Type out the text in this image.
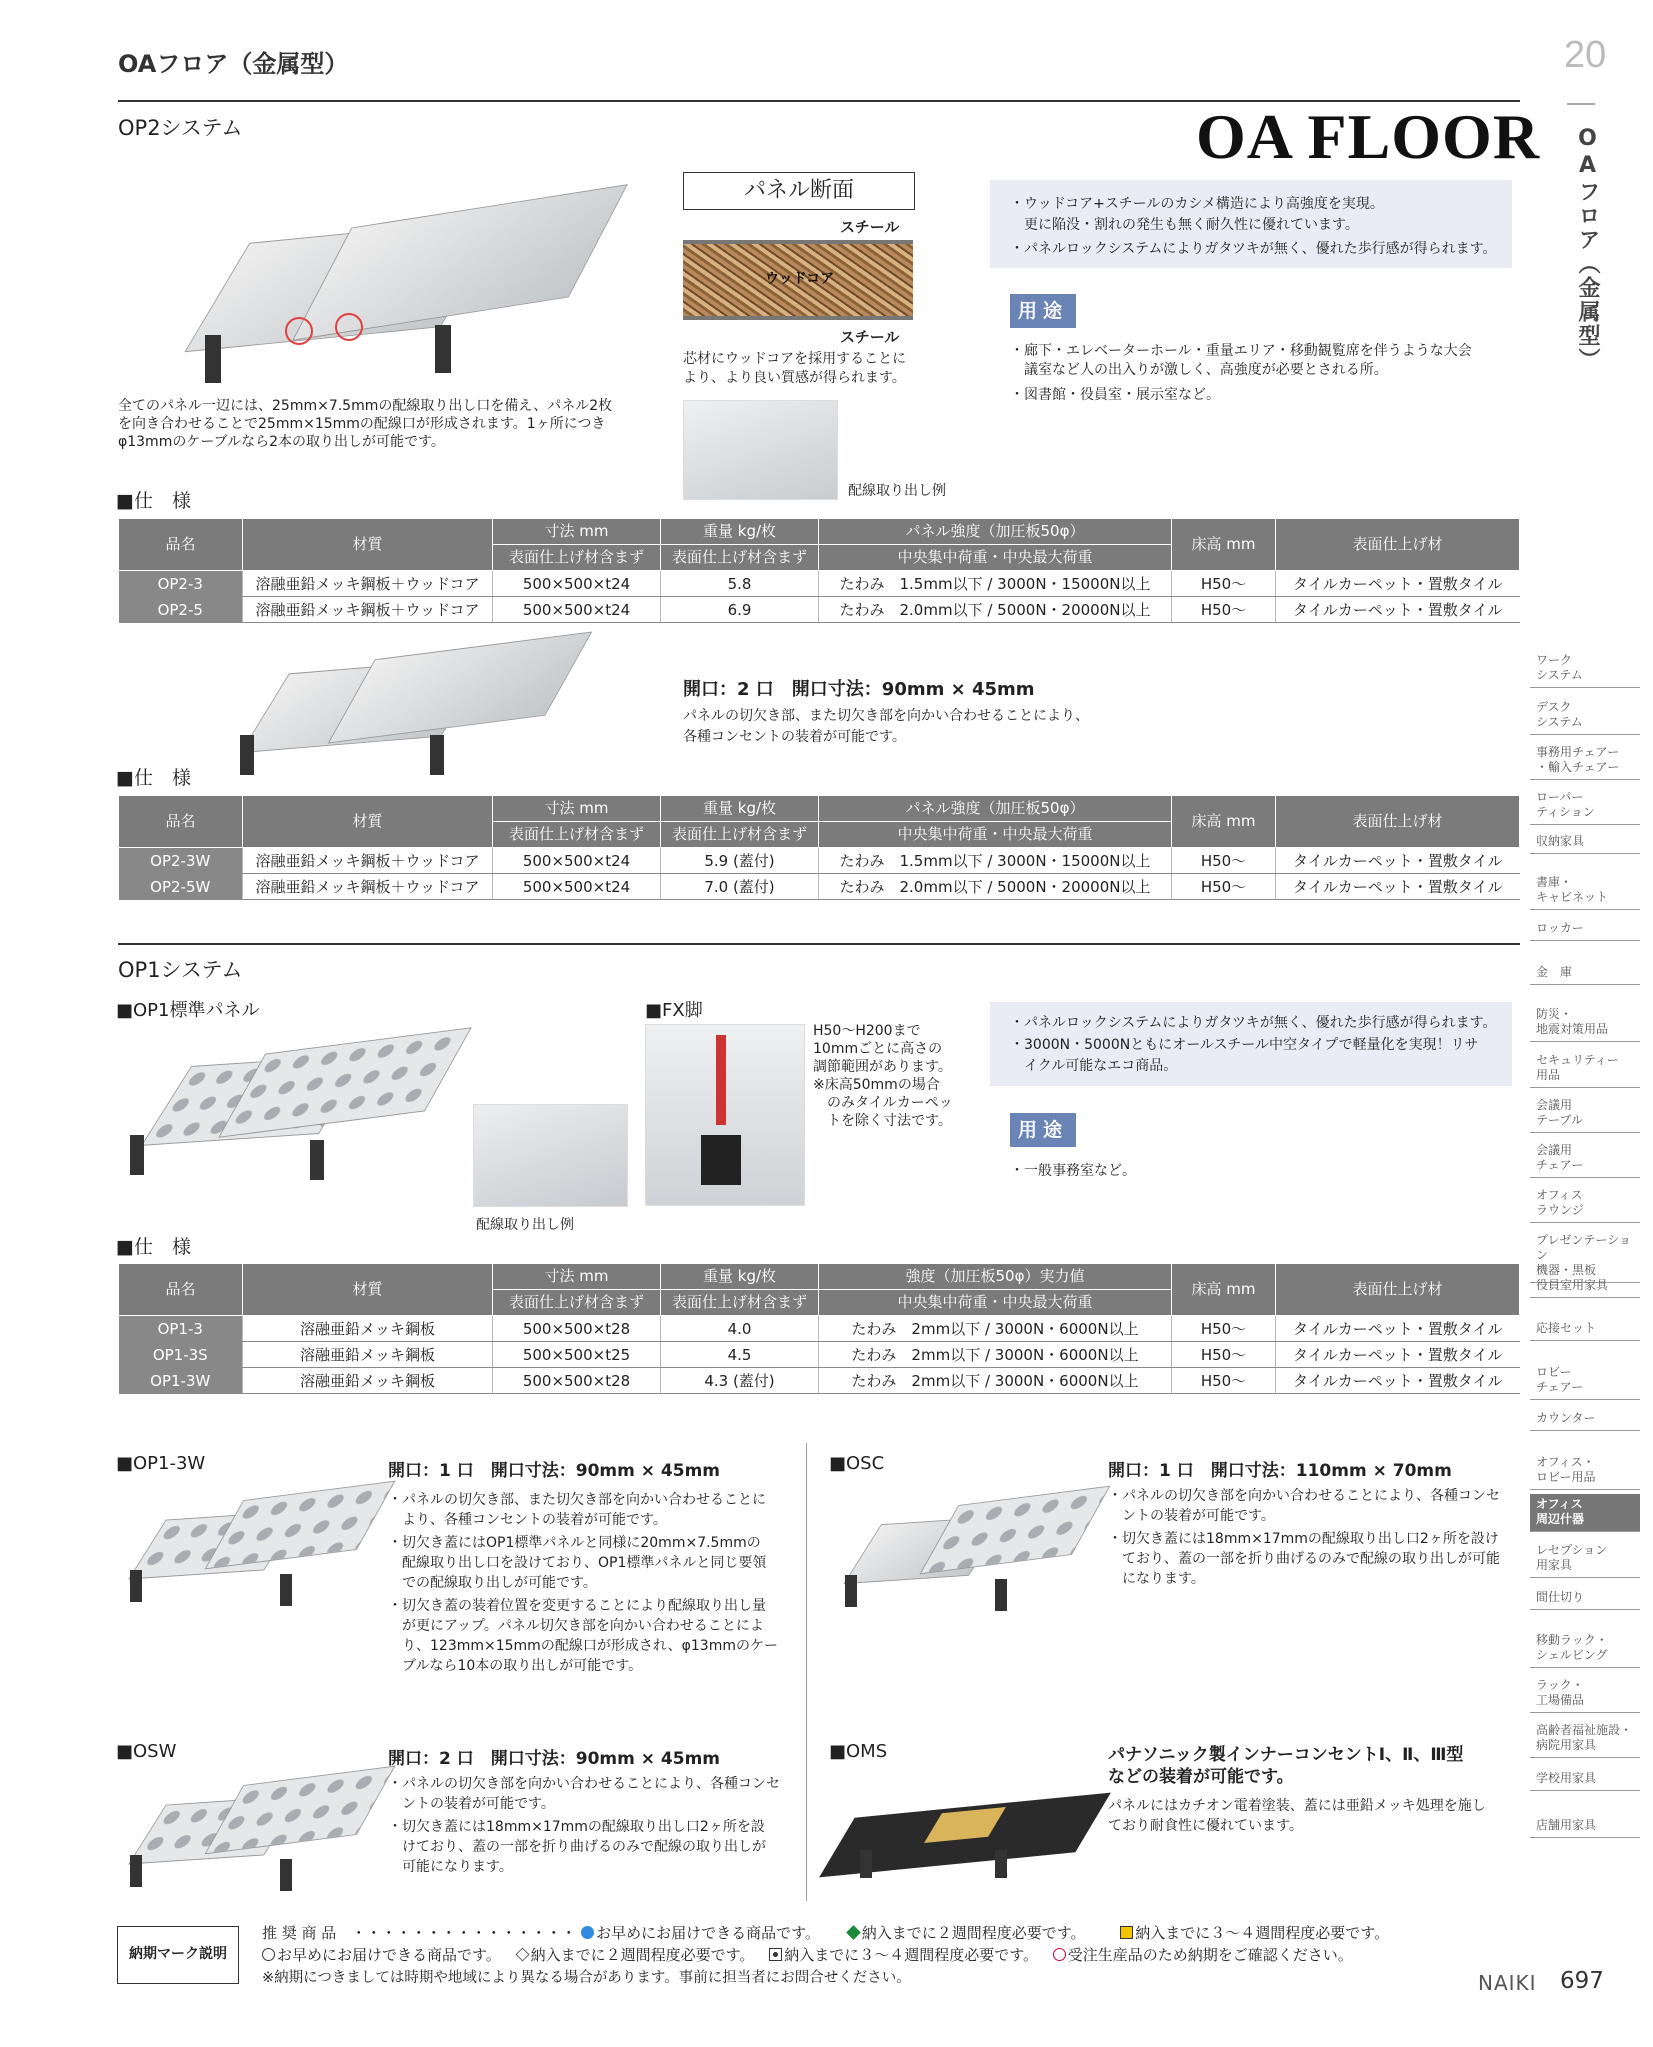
OAフロア（金属型）	20
OAフロア（金属型）
OP2システム	OA FLOOR
全てのパネル一辺には、25mm×7.5mmの配線取り出し口を備え、パネル2枚
を向き合わせることで25mm×15mmの配線口が形成されます。1ヶ所につき
φ13mmのケーブルなら2本の取り出しが可能です。
パネル断面
スチール
ウッドコア
スチール
芯材にウッドコアを採用することに
より、より良い質感が得られます。
配線取り出し例
・ウッドコア+スチールのカシメ構造により高強度を実現。
　更に陥没・割れの発生も無く耐久性に優れています。
・パネルロックシステムによりガタツキが無く、優れた歩行感が得られます。
用途
・廊下・エレベーターホール・重量エリア・移動観覧席を伴うような大会
　議室など人の出入りが激しく、高強度が必要とされる所。
・図書館・役員室・展示室など。
■仕　様
品名	材質	寸法 mm	重量 kg/枚	パネル強度（加圧板50φ）	床高 mm	表面仕上げ材
		表面仕上げ材含まず	表面仕上げ材含まず	中央集中荷重・中央最大荷重		
OP2-3	溶融亜鉛メッキ鋼板＋ウッドコア	500×500×t24	5.8	たわみ　1.5mm以下 / 3000N・15000N以上	H50〜	タイルカーペット・置敷タイル
OP2-5	溶融亜鉛メッキ鋼板＋ウッドコア	500×500×t24	6.9	たわみ　2.0mm以下 / 5000N・20000N以上	H50〜	タイルカーペット・置敷タイル
開口：2 口　開口寸法：90mm × 45mm
パネルの切欠き部、また切欠き部を向かい合わせることにより、
各種コンセントの装着が可能です。
■仕　様
品名	材質	寸法 mm	重量 kg/枚	パネル強度（加圧板50φ）	床高 mm	表面仕上げ材
		表面仕上げ材含まず	表面仕上げ材含まず	中央集中荷重・中央最大荷重		
OP2-3W	溶融亜鉛メッキ鋼板＋ウッドコア	500×500×t24	5.9 (蓋付)	たわみ　1.5mm以下 / 3000N・15000N以上	H50〜	タイルカーペット・置敷タイル
OP2-5W	溶融亜鉛メッキ鋼板＋ウッドコア	500×500×t24	7.0 (蓋付)	たわみ　2.0mm以下 / 5000N・20000N以上	H50〜	タイルカーペット・置敷タイル
OP1システム
■OP1標準パネル
配線取り出し例
■FX脚
H50〜H200まで
10mmごとに高さの
調節範囲があります。
※床高50mmの場合
　のみタイルカーペッ
　トを除く寸法です。
・パネルロックシステムによりガタツキが無く、優れた歩行感が得られます。
・3000N・5000Nともにオールスチール中空タイプで軽量化を実現！リサ
　イクル可能なエコ商品。
用途
・一般事務室など。
■仕　様
品名	材質	寸法 mm	重量 kg/枚	強度（加圧板50φ）実力値	床高 mm	表面仕上げ材
		表面仕上げ材含まず	表面仕上げ材含まず	中央集中荷重・中央最大荷重		
OP1-3	溶融亜鉛メッキ鋼板	500×500×t28	4.0	たわみ　2mm以下 / 3000N・6000N以上	H50〜	タイルカーペット・置敷タイル
OP1-3S	溶融亜鉛メッキ鋼板	500×500×t25	4.5	たわみ　2mm以下 / 3000N・6000N以上	H50〜	タイルカーペット・置敷タイル
OP1-3W	溶融亜鉛メッキ鋼板	500×500×t28	4.3 (蓋付)	たわみ　2mm以下 / 3000N・6000N以上	H50〜	タイルカーペット・置敷タイル
■OP1-3W	開口：1 口　開口寸法：90mm × 45mm
・パネルの切欠き部、また切欠き部を向かい合わせることに
　より、各種コンセントの装着が可能です。
・切欠き蓋にはOP1標準パネルと同様に20mm×7.5mmの
　配線取り出し口を設けており、OP1標準パネルと同じ要領
　での配線取り出しが可能です。
・切欠き蓋の装着位置を変更することにより配線取り出し量
　が更にアップ。パネル切欠き部を向かい合わせることによ
　り、123mm×15mmの配線口が形成され、φ13mmのケー
　ブルなら10本の取り出しが可能です。
■OSC	開口：1 口　開口寸法：110mm × 70mm
・パネルの切欠き部を向かい合わせることにより、各種コンセ
　ントの装着が可能です。
・切欠き蓋には18mm×17mmの配線取り出し口2ヶ所を設け
　ており、蓋の一部を折り曲げるのみで配線の取り出しが可能
　になります。
■OSW	開口：2 口　開口寸法：90mm × 45mm
・パネルの切欠き部を向かい合わせることにより、各種コンセ
　ントの装着が可能です。
・切欠き蓋には18mm×17mmの配線取り出し口2ヶ所を設
　けており、蓋の一部を折り曲げるのみで配線の取り出しが
　可能になります。
■OMS	パナソニック製インナーコンセントⅠ、Ⅱ、Ⅲ型
などの装着が可能です。
パネルにはカチオン電着塗装、蓋には亜鉛メッキ処理を施し
ており耐食性に優れています。
ワーク
システム
デスク
システム
事務用チェアー
・輸入チェアー
ローパー
ティション
収納家具
書庫・
キャビネット
ロッカー
金　庫
防災・
地震対策用品
セキュリティー
用品
会議用
テーブル
会議用
チェアー
オフィス
ラウンジ
プレゼンテーション
機器・黒板
役員室用家具
応接セット
ロビー
チェアー
カウンター
オフィス・
ロビー用品
オフィス
周辺什器
レセプション
用家具
間仕切り
移動ラック・
シェルビング
ラック・
工場備品
高齢者福祉施設・
病院用家具
学校用家具
店舗用家具
納期マーク説明
推 奨 商 品　・・・・・・・・・・・・・・・ お早めにお届けできる商品です。	納入までに２週間程度必要です。	納入までに３～４週間程度必要です。
お早めにお届けできる商品です。 納入までに２週間程度必要です。 納入までに３～４週間程度必要です。 受注生産品のため納期をご確認ください。
※納期につきましては時期や地域により異なる場合があります。事前に担当者にお問合せください。	NAIKI 697
